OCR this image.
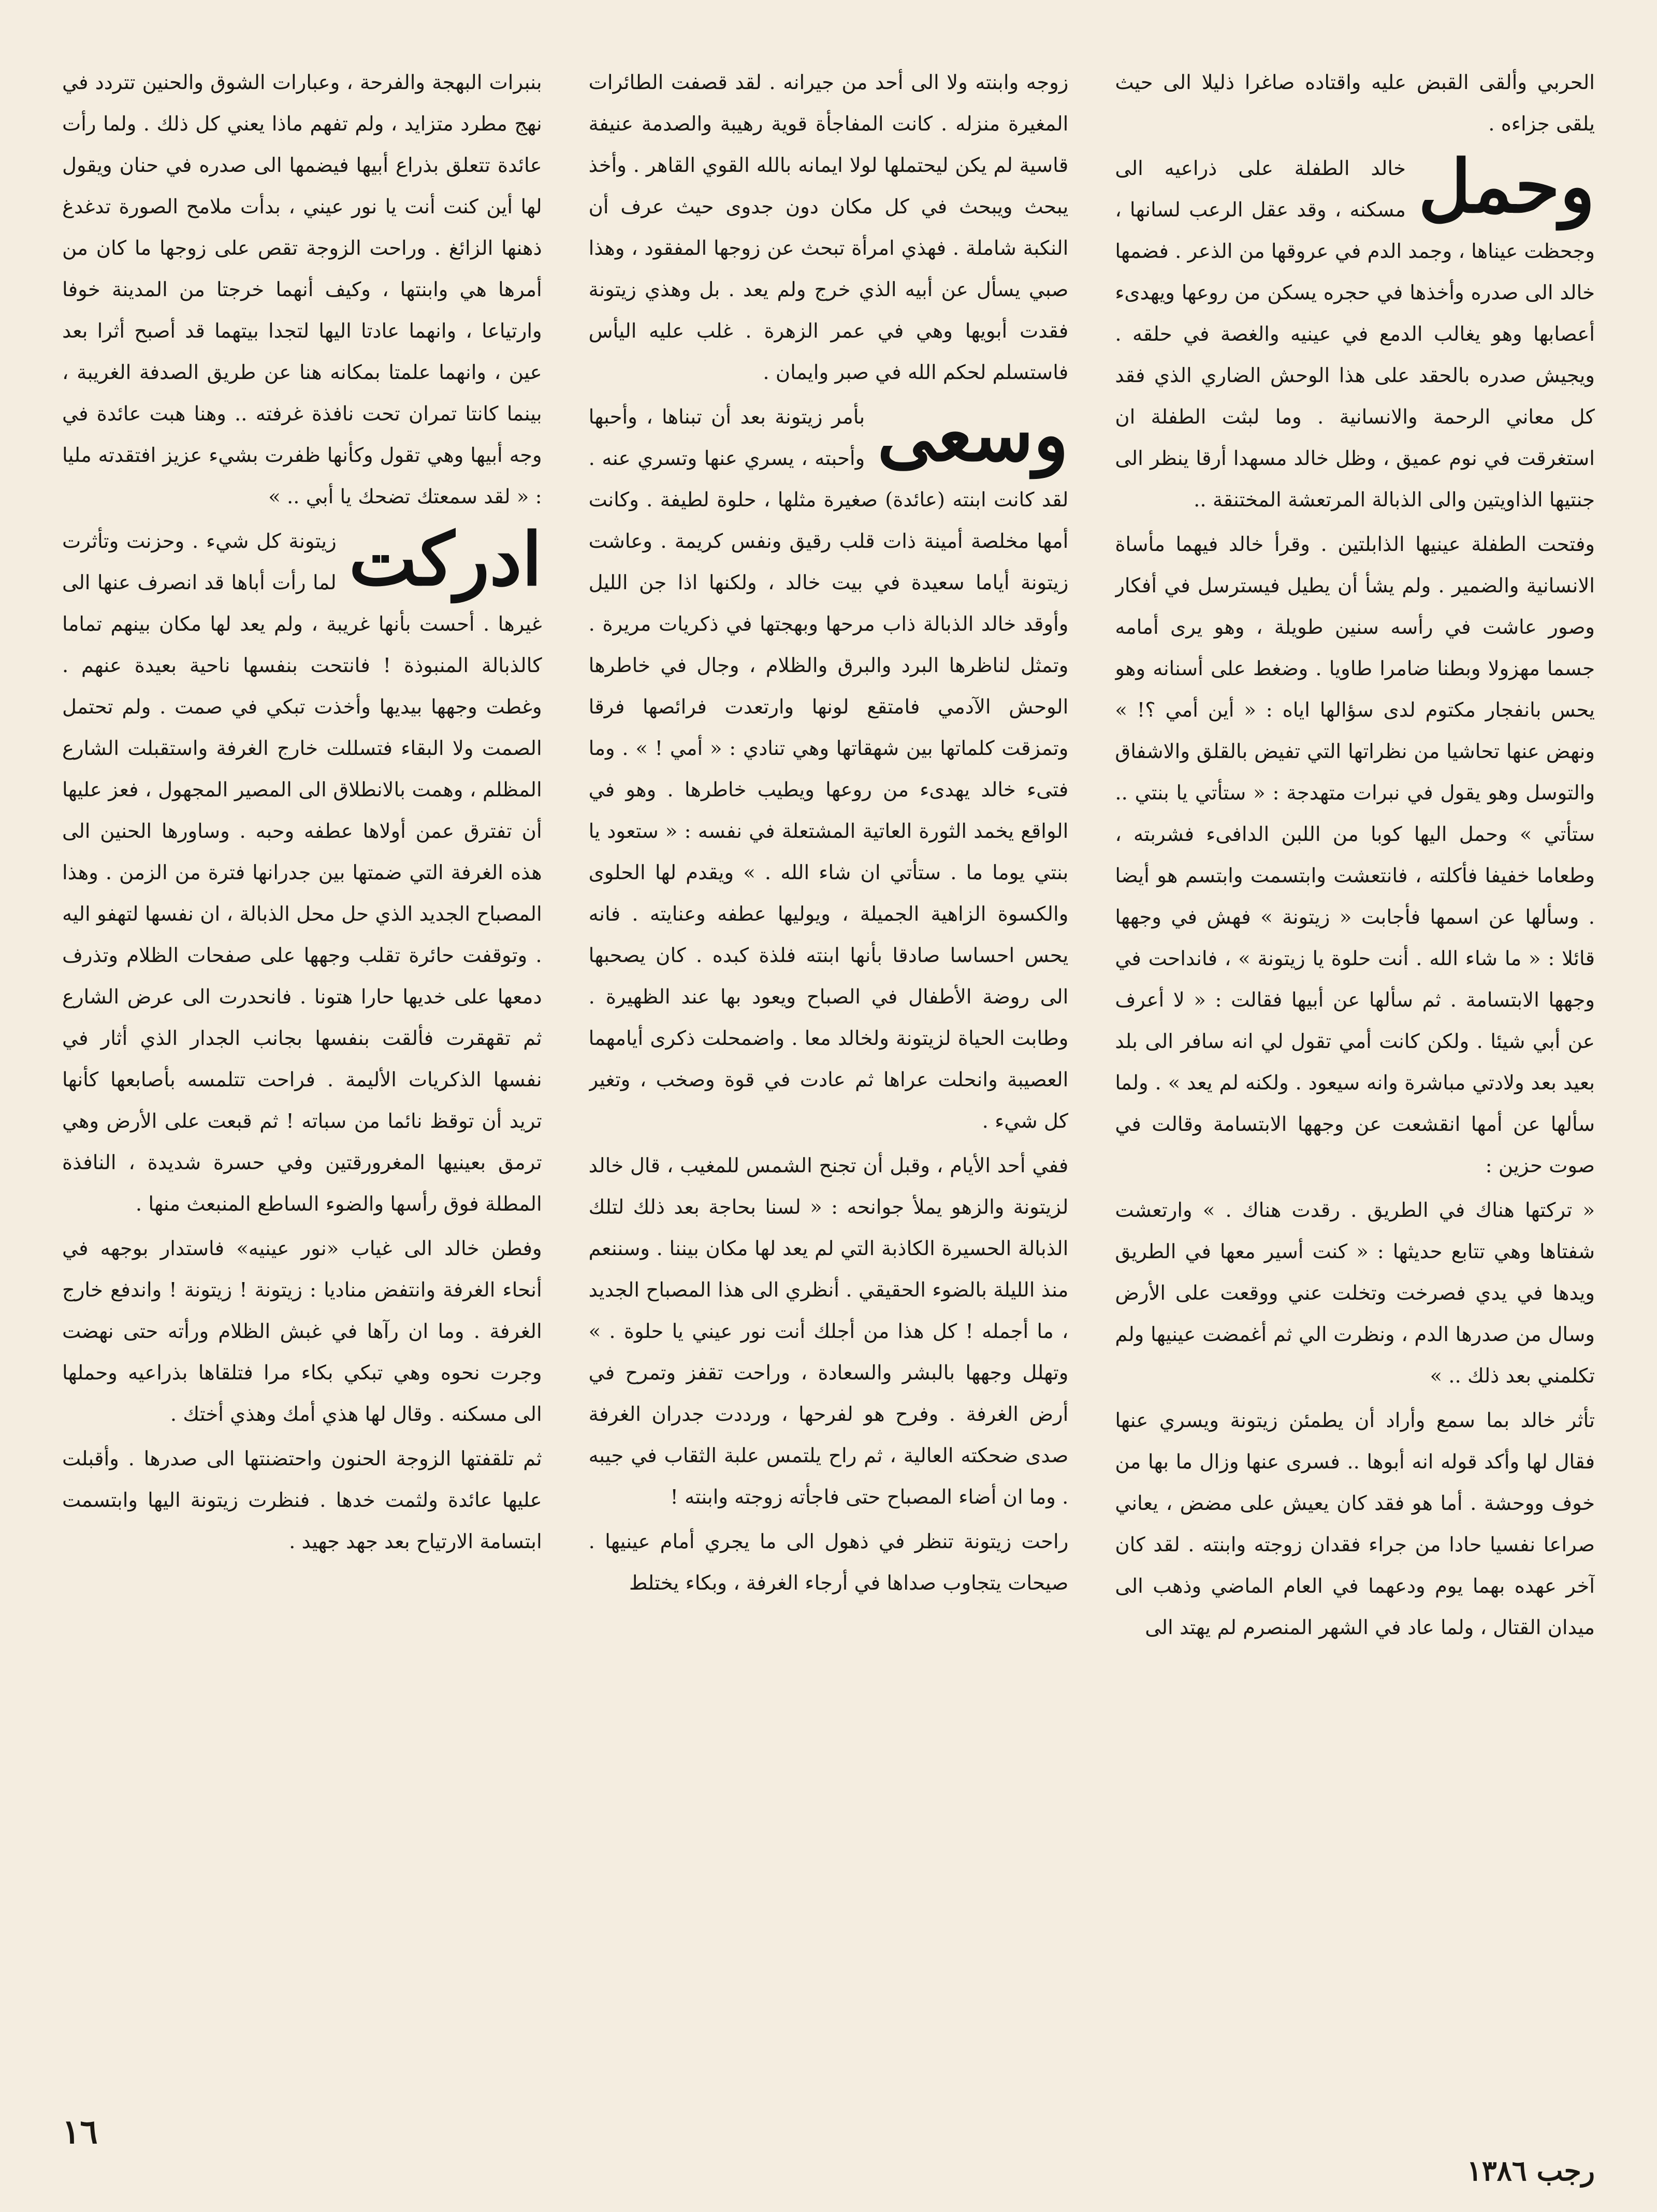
الحربي وألقى القبض عليه واقتاده صاغرا ذليلا الى حيث يلقى جزاءه .

وحمل
خالد الطفلة على ذراعيه الى مسكنه ، وقد عقل الرعب لسانها ، وجحظت عيناها ، وجمد الدم في عروقها من الذعر . فضمها خالد الى صدره وأخذها في حجره يسكن من روعها ويهدىء أعصابها وهو يغالب الدمع في عينيه والغصة في حلقه . ويجيش صدره بالحقد على هذا الوحش الضاري الذي فقد كل معاني الرحمة والانسانية . وما لبثت الطفلة ان استغرقت في نوم عميق ، وظل خالد مسهدا أرقا ينظر الى جنتيها الذاويتين والى الذبالة المرتعشة المختنقة ..

وفتحت الطفلة عينيها الذابلتين . وقرأ خالد فيهما مأساة الانسانية والضمير . ولم يشأ أن يطيل فيسترسل في أفكار وصور عاشت في رأسه سنين طويلة ، وهو يرى أمامه جسما مهزولا وبطنا ضامرا طاويا . وضغط على أسنانه وهو يحس بانفجار مكتوم لدى سؤالها اياه : « أين أمي ؟! » ونهض عنها تحاشيا من نظراتها التي تفيض بالقلق والاشفاق والتوسل وهو يقول في نبرات متهدجة : « ستأتي يا بنتي .. ستأتي » وحمل اليها كوبا من اللبن الدافىء فشربته ، وطعاما خفيفا فأكلته ، فانتعشت وابتسمت وابتسم هو أيضا . وسألها عن اسمها فأجابت « زيتونة » فهش في وجهها قائلا : « ما شاء الله . أنت حلوة يا زيتونة » ، فانداحت في وجهها الابتسامة . ثم سألها عن أبيها فقالت : « لا أعرف عن أبي شيئا . ولكن كانت أمي تقول لي انه سافر الى بلد بعيد بعد ولادتي مباشرة وانه سيعود . ولكنه لم يعد » . ولما سألها عن أمها انقشعت عن وجهها الابتسامة وقالت في صوت حزين :

« تركتها هناك في الطريق . رقدت هناك . » وارتعشت شفتاها وهي تتابع حديثها : « كنت أسير معها في الطريق ويدها في يدي فصرخت وتخلت عني ووقعت على الأرض وسال من صدرها الدم ، ونظرت الي ثم أغمضت عينيها ولم تكلمني بعد ذلك .. »

تأثر خالد بما سمع وأراد أن يطمئن زيتونة ويسري عنها فقال لها وأكد قوله انه أبوها .. فسرى عنها وزال ما بها من خوف ووحشة . أما هو فقد كان يعيش على مضض ، يعاني صراعا نفسيا حادا من جراء فقدان زوجته وابنته . لقد كان آخر عهده بهما يوم ودعهما في العام الماضي وذهب الى ميدان القتال ، ولما عاد في الشهر المنصرم لم يهتد الى

زوجه وابنته ولا الى أحد من جيرانه . لقد قصفت الطائرات المغيرة منزله . كانت المفاجأة قوية رهيبة والصدمة عنيفة قاسية لم يكن ليحتملها لولا ايمانه بالله القوي القاهر . وأخذ يبحث ويبحث في كل مكان دون جدوى حيث عرف أن النكبة شاملة . فهذي امرأة تبحث عن زوجها المفقود ، وهذا صبي يسأل عن أبيه الذي خرج ولم يعد . بل وهذي زيتونة فقدت أبويها وهي في عمر الزهرة . غلب عليه اليأس فاستسلم لحكم الله في صبر وايمان .

وسعى
بأمر زيتونة بعد أن تبناها ، وأحبها وأحبته ، يسري عنها وتسري عنه . لقد كانت ابنته (عائدة) صغيرة مثلها ، حلوة لطيفة . وكانت أمها مخلصة أمينة ذات قلب رقيق ونفس كريمة . وعاشت زيتونة أياما سعيدة في بيت خالد ، ولكنها اذا جن الليل وأوقد خالد الذبالة ذاب مرحها وبهجتها في ذكريات مريرة . وتمثل لناظرها البرد والبرق والظلام ، وجال في خاطرها الوحش الآدمي فامتقع لونها وارتعدت فرائصها فرقا وتمزقت كلماتها بين شهقاتها وهي تنادي : « أمي ! » . وما فتىء خالد يهدىء من روعها ويطيب خاطرها . وهو في الواقع يخمد الثورة العاتية المشتعلة في نفسه : « ستعود يا بنتي يوما ما . ستأتي ان شاء الله . » ويقدم لها الحلوى والكسوة الزاهية الجميلة ، ويوليها عطفه وعنايته . فانه يحس احساسا صادقا بأنها ابنته فلذة كبده . كان يصحبها الى روضة الأطفال في الصباح ويعود بها عند الظهيرة . وطابت الحياة لزيتونة ولخالد معا . واضمحلت ذكرى أيامهما العصيبة وانحلت عراها ثم عادت في قوة وصخب ، وتغير كل شيء .

ففي أحد الأيام ، وقبل أن تجنح الشمس للمغيب ، قال خالد لزيتونة والزهو يملأ جوانحه : « لسنا بحاجة بعد ذلك لتلك الذبالة الحسيرة الكاذبة التي لم يعد لها مكان بيننا . وسننعم منذ الليلة بالضوء الحقيقي . أنظري الى هذا المصباح الجديد ، ما أجمله ! كل هذا من أجلك أنت نور عيني يا حلوة . » وتهلل وجهها بالبشر والسعادة ، وراحت تقفز وتمرح في أرض الغرفة . وفرح هو لفرحها ، ورددت جدران الغرفة صدى ضحكته العالية ، ثم راح يلتمس علبة الثقاب في جيبه . وما ان أضاء المصباح حتى فاجأته زوجته وابنته !

راحت زيتونة تنظر في ذهول الى ما يجري أمام عينيها . صيحات يتجاوب صداها في أرجاء الغرفة ، وبكاء يختلط

بنبرات البهجة والفرحة ، وعبارات الشوق والحنين تتردد في نهج مطرد متزايد ، ولم تفهم ماذا يعني كل ذلك . ولما رأت عائدة تتعلق بذراع أبيها فيضمها الى صدره في حنان ويقول لها أين كنت أنت يا نور عيني ، بدأت ملامح الصورة تدغدغ ذهنها الزائغ . وراحت الزوجة تقص على زوجها ما كان من أمرها هي وابنتها ، وكيف أنهما خرجتا من المدينة خوفا وارتياعا ، وانهما عادتا اليها لتجدا بيتهما قد أصبح أثرا بعد عين ، وانهما علمتا بمكانه هنا عن طريق الصدفة الغريبة ، بينما كانتا تمران تحت نافذة غرفته .. وهنا هبت عائدة في وجه أبيها وهي تقول وكأنها ظفرت بشيء عزيز افتقدته مليا : « لقد سمعتك تضحك يا أبي .. »

ادركت
زيتونة كل شيء . وحزنت وتأثرت لما رأت أباها قد انصرف عنها الى غيرها . أحست بأنها غريبة ، ولم يعد لها مكان بينهم تماما كالذبالة المنبوذة ! فانتحت بنفسها ناحية بعيدة عنهم . وغطت وجهها بيديها وأخذت تبكي في صمت . ولم تحتمل الصمت ولا البقاء فتسللت خارج الغرفة واستقبلت الشارع المظلم ، وهمت بالانطلاق الى المصير المجهول ، فعز عليها أن تفترق عمن أولاها عطفه وحبه . وساورها الحنين الى هذه الغرفة التي ضمتها بين جدرانها فترة من الزمن . وهذا المصباح الجديد الذي حل محل الذبالة ، ان نفسها لتهفو اليه . وتوقفت حائرة تقلب وجهها على صفحات الظلام وتذرف دمعها على خديها حارا هتونا . فانحدرت الى عرض الشارع ثم تقهقرت فألقت بنفسها بجانب الجدار الذي أثار في نفسها الذكريات الأليمة . فراحت تتلمسه بأصابعها كأنها تريد أن توقظ نائما من سباته ! ثم قبعت على الأرض وهي ترمق بعينيها المغرورقتين وفي حسرة شديدة ، النافذة المطلة فوق رأسها والضوء الساطع المنبعث منها .

وفطن خالد الى غياب «نور عينيه» فاستدار بوجهه في أنحاء الغرفة وانتفض مناديا : زيتونة ! زيتونة ! واندفع خارج الغرفة . وما ان رآها في غبش الظلام ورأته حتى نهضت وجرت نحوه وهي تبكي بكاء مرا فتلقاها بذراعيه وحملها الى مسكنه . وقال لها هذي أمك وهذي أختك .

ثم تلقفتها الزوجة الحنون واحتضنتها الى صدرها . وأقبلت عليها عائدة ولثمت خدها . فنظرت زيتونة اليها وابتسمت ابتسامة الارتياح بعد جهد جهيد .

١٦
رجب ١٣٨٦
